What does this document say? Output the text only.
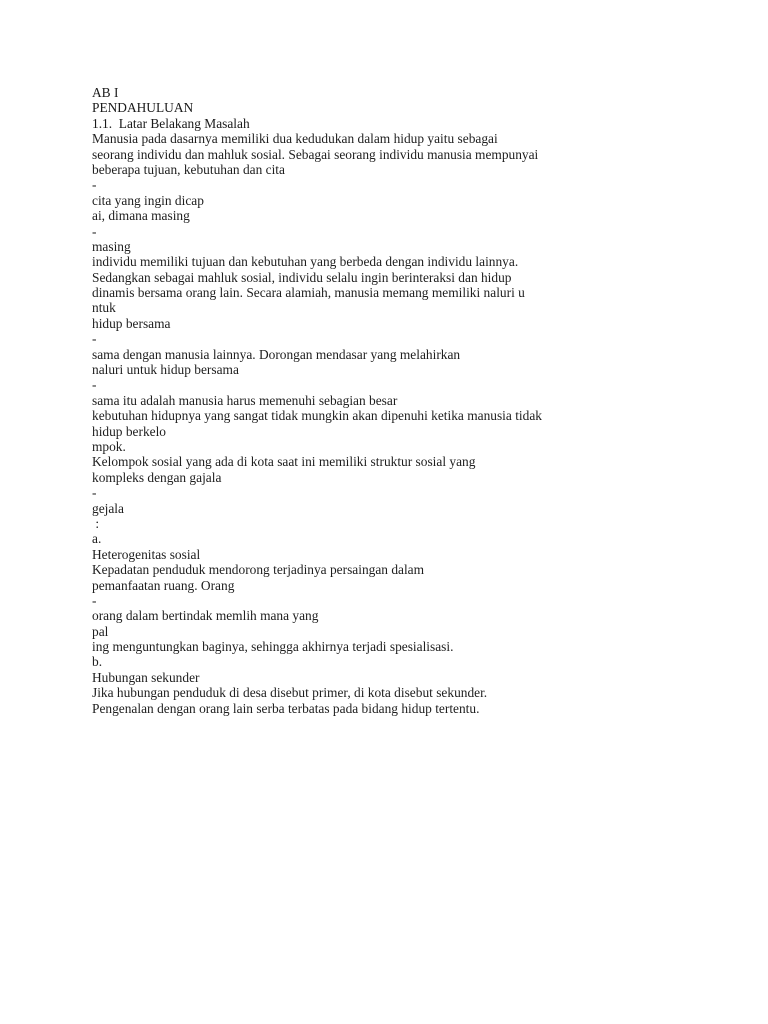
AB I
PENDAHULUAN
1.1.  Latar Belakang Masalah
Manusia pada dasarnya memiliki dua kedudukan dalam hidup yaitu sebagai
seorang individu dan mahluk sosial. Sebagai seorang individu manusia mempunyai
beberapa tujuan, kebutuhan dan cita
-
cita yang ingin dicap
ai, dimana masing
-
masing
individu memiliki tujuan dan kebutuhan yang berbeda dengan individu lainnya.
Sedangkan sebagai mahluk sosial, individu selalu ingin berinteraksi dan hidup
dinamis bersama orang lain. Secara alamiah, manusia memang memiliki naluri u
ntuk
hidup bersama
-
sama dengan manusia lainnya. Dorongan mendasar yang melahirkan
naluri untuk hidup bersama
-
sama itu adalah manusia harus memenuhi sebagian besar
kebutuhan hidupnya yang sangat tidak mungkin akan dipenuhi ketika manusia tidak
hidup berkelo
mpok.
Kelompok sosial yang ada di kota saat ini memiliki struktur sosial yang
kompleks dengan gajala
-
gejala
:
a.
Heterogenitas sosial
Kepadatan penduduk mendorong terjadinya persaingan dalam
pemanfaatan ruang. Orang
-
orang dalam bertindak memlih mana yang
pal
ing menguntungkan baginya, sehingga akhirnya terjadi spesialisasi.
b.
Hubungan sekunder
Jika hubungan penduduk di desa disebut primer, di kota disebut sekunder.
Pengenalan dengan orang lain serba terbatas pada bidang hidup tertentu.
